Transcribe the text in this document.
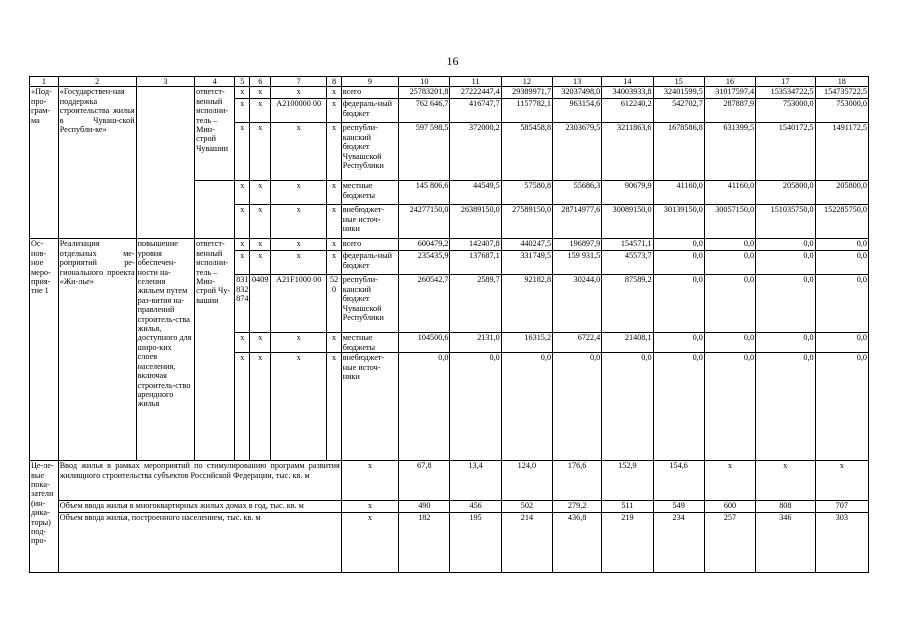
16
1	2	3	4	5	6	7	8	9	10	11	12	13	14	15	16	17	18
«Под-про-грам-ма	«Государствен-ная поддержка строительства жилья в Чуваш-ской Республи-ке»		ответст-венный исполни-тель – Мин-строй Чувашии	x	x	x	x	всего	25783201,8	27222447,4	29389971,7	32037498,0	34003933,8	32401599,5	31017597,4	153534722,5	154735722,5
				x	x	A2100000 00	x	федераль-ный бюджет	762 646,7	416747,7	1157782,1	963154,6	612240,2	542702,7	287887,9	753000,0	753000,0
				x	x	x	x	республи-канский бюджет Чувашской Республики	597 598,5	372000,2	585458,8	2303679,5	3211863,6	1678586,8	631399,5	1540172,5	1491172,5
				x	x	x	x	местные бюджеты	145 806,6	44549,5	57580,8	55686,3	90679,9	41160,0	41160,0	205800,0	205800,0
				x	x	x	x	внебюджет-ные источ-ники	24277150,0	26389150,0	27589150,0	28714977,6	30089150,0	30139150,0	30057150,0	151035750,0	152285750,0
Ос-нов-ное меро-прия-тие 1	Реализация отдельных ме-роприятий ре-гионального проекта «Жи-лье»	повышение уровня обеспечен-ности на-селения жильем путем раз-вития на-правлений строитель-ства жилья, доступного для широ-ких слоев населения, включая строитель-ство арендного жилья	ответст-венный исполни-тель – Мин-строй Чу-вашии	x	x	x	x	всего	600479,2	142407,8	440247,5	196897,9	154571,1	0,0	0,0	0,0	0,0
				x	x	x	x	федераль-ный бюджет	235435,9	137687,1	331749,5	159 931,5	45573,7	0,0	0,0	0,0	0,0
				831 832 874	0409	A21F1000 00	520	республи-канский бюджет Чувашской Республики	260542,7	2589,7	92182,8	30244,0	87589,2	0,0	0,0	0,0	0,0
				x	x	x	x	местные бюджеты	104500,6	2131,0	16315,2	6722,4	21408,1	0,0	0,0	0,0	0,0
				x	x	x	x	внебюджет-ные источ-ники	0,0	0,0	0,0	0,0	0,0	0,0	0,0	0,0	0,0
Це-ле-вые пока-затели (ин-дика-торы) под-про-	Ввод жилья в рамках мероприятий по стимулированию программ развития жилищного строительства субъектов Российской Федерации, тыс. кв. м							x	67,8	13,4	124,0	176,6	152,9	154,6	x	x	x
	Объем ввода жилья в многоквартирных жилых домах в год, тыс. кв. м							x	490	456	502	279,2	511	549	600	808	707
	Объем ввода жилья, построенного населением, тыс. кв. м							x	182	195	214	436,8	219	234	257	346	303
